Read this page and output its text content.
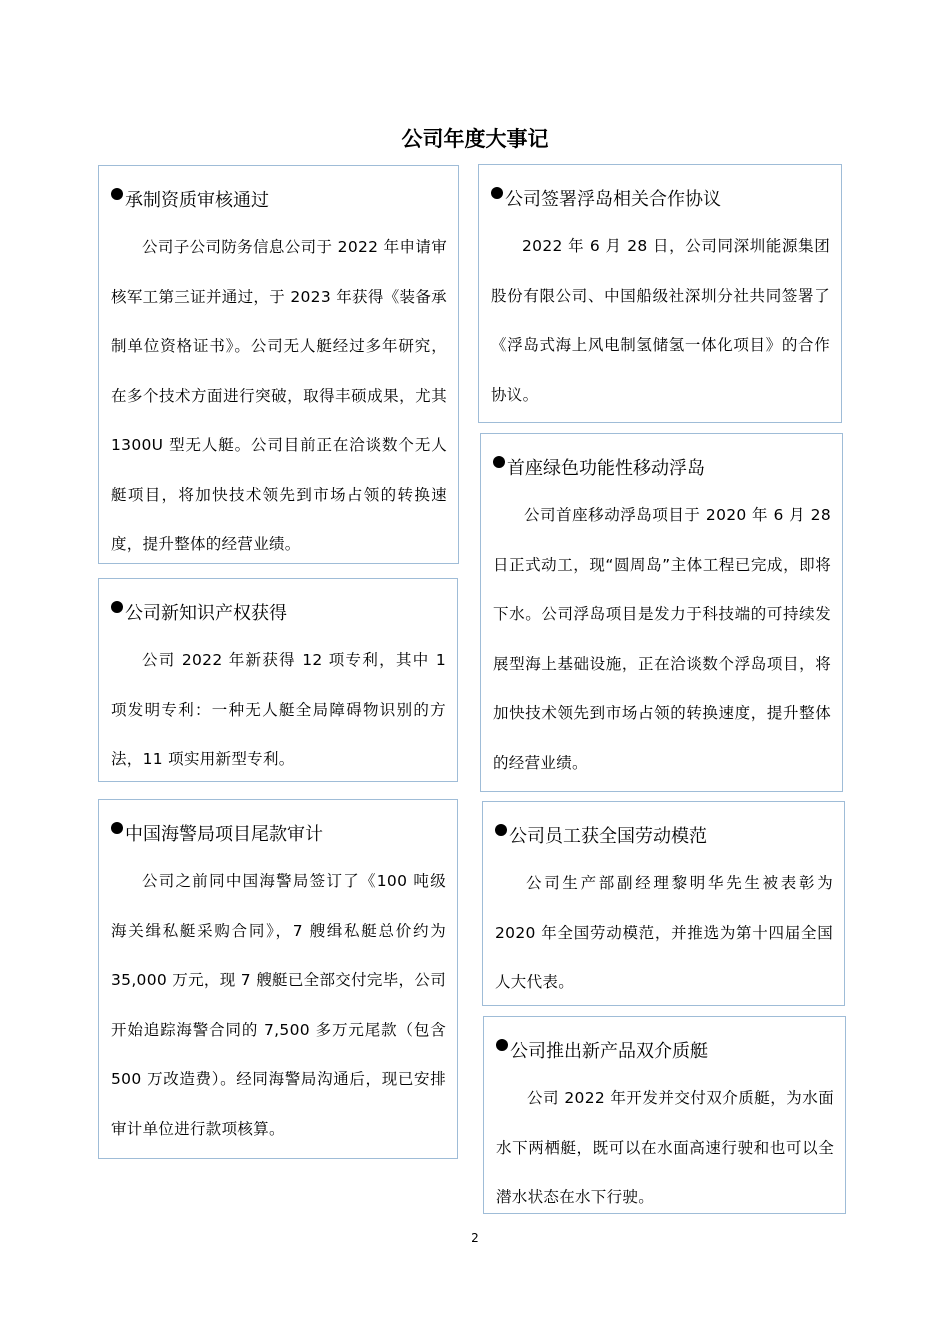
公司年度大事记
承制资质审核通过
公司子公司防务信息公司于 2022 年申请审核军工第三证并通过，于 2023 年获得《装备承制单位资格证书》。公司无人艇经过多年研究，在多个技术方面进行突破，取得丰硕成果，尤其 1300U 型无人艇。公司目前正在洽谈数个无人艇项目，将加快技术领先到市场占领的转换速度，提升整体的经营业绩。
公司新知识产权获得
公司 2022 年新获得 12 项专利，其中 1 项发明专利：一种无人艇全局障碍物识别的方法，11 项实用新型专利。
中国海警局项目尾款审计
公司之前同中国海警局签订了《100 吨级海关缉私艇采购合同》，7 艘缉私艇总价约为 35,000 万元，现 7 艘艇已全部交付完毕，公司开始追踪海警合同的 7,500 多万元尾款（包含 500 万改造费）。经同海警局沟通后，现已安排审计单位进行款项核算。
公司签署浮岛相关合作协议
2022 年 6 月 28 日，公司同深圳能源集团股份有限公司、中国船级社深圳分社共同签署了《浮岛式海上风电制氢储氢一体化项目》的合作协议。
首座绿色功能性移动浮岛
公司首座移动浮岛项目于 2020 年 6 月 28 日正式动工，现“圆周岛”主体工程已完成，即将下水。公司浮岛项目是发力于科技端的可持续发展型海上基础设施，正在洽谈数个浮岛项目，将加快技术领先到市场占领的转换速度，提升整体的经营业绩。
公司员工获全国劳动模范
公司生产部副经理黎明华先生被表彰为 2020 年全国劳动模范，并推选为第十四届全国人大代表。
公司推出新产品双介质艇
公司 2022 年开发并交付双介质艇，为水面水下两栖艇，既可以在水面高速行驶和也可以全潜水状态在水下行驶。
2
